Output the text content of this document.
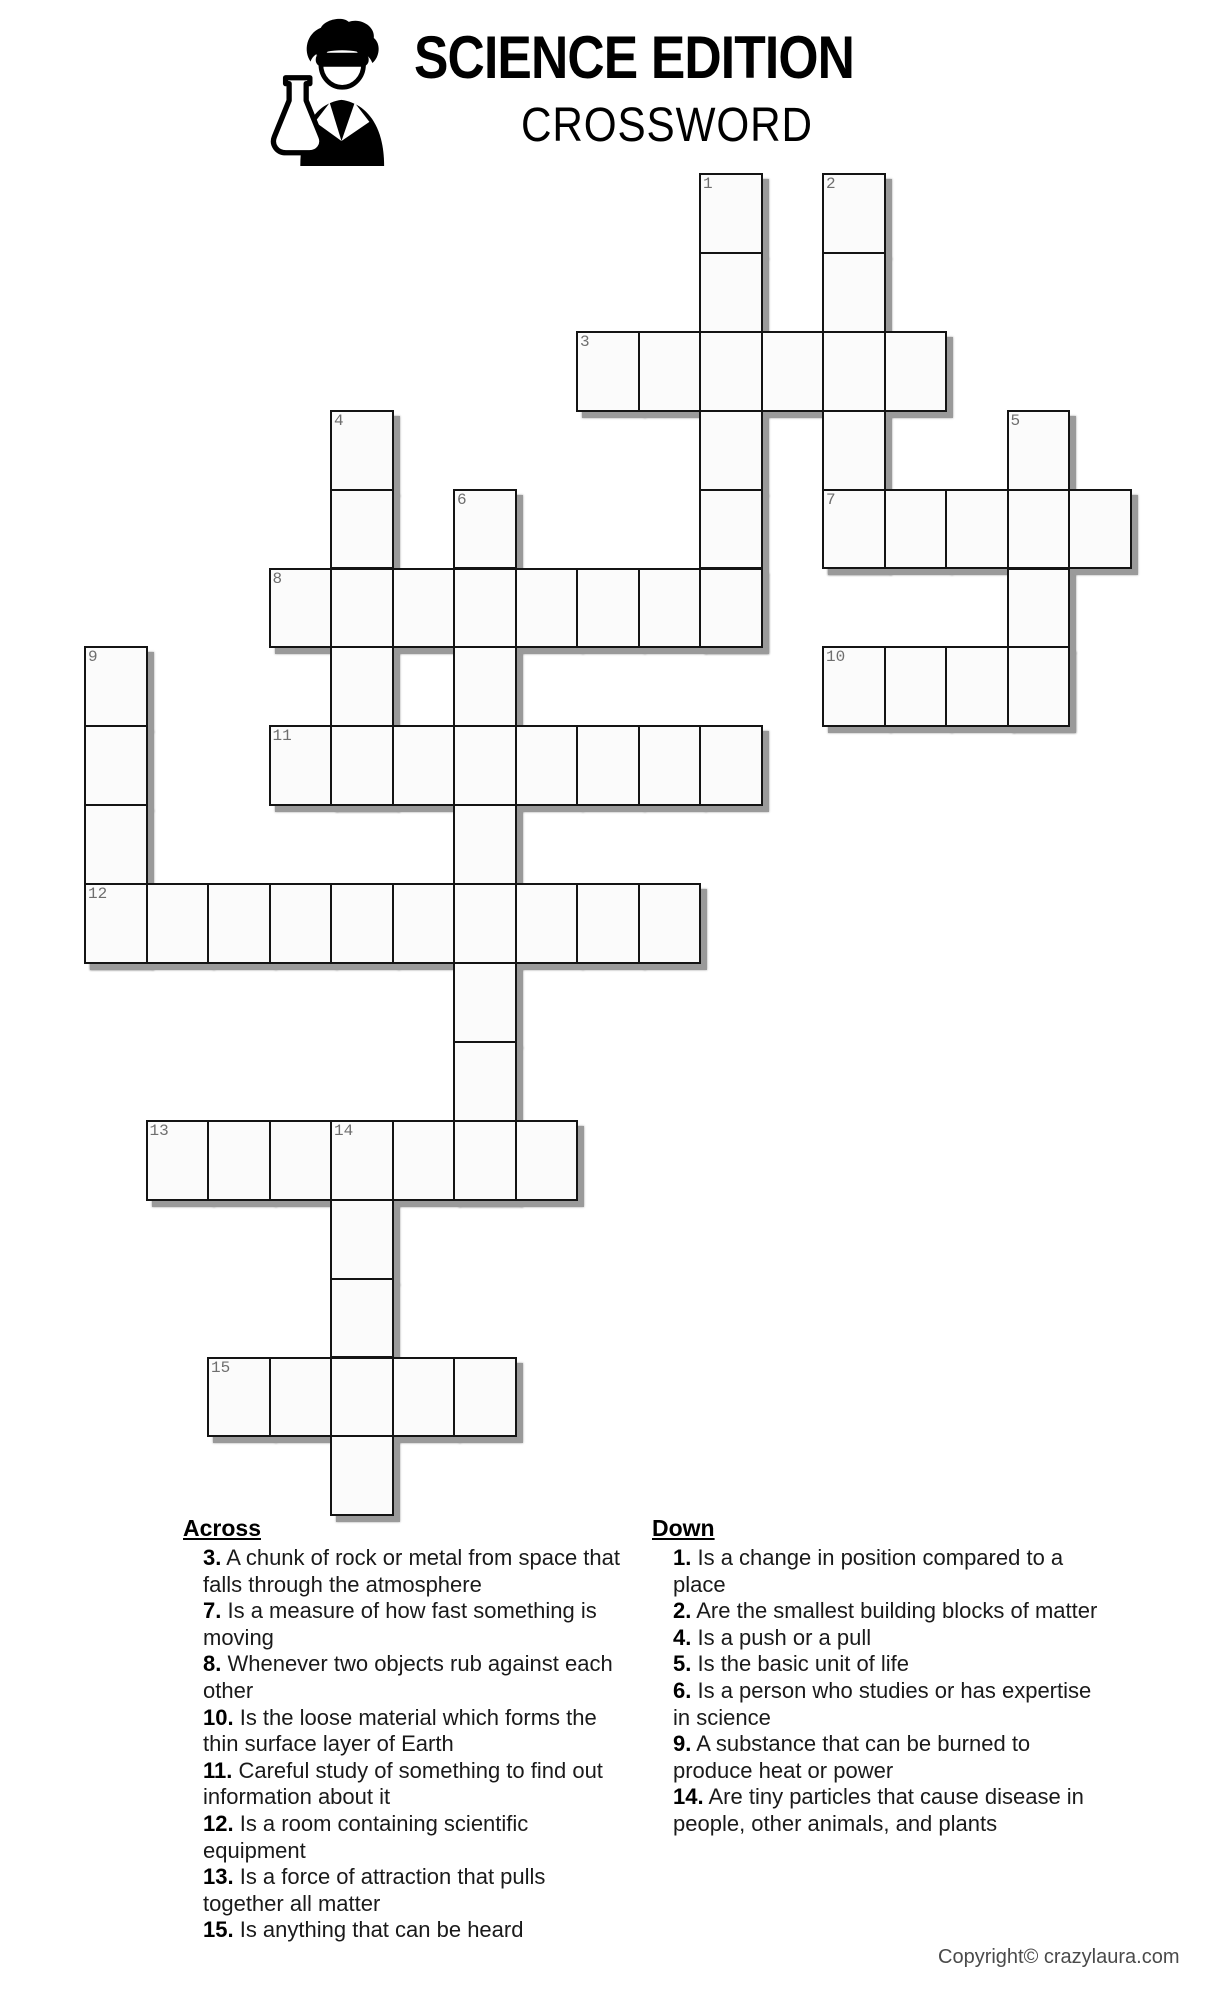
SCIENCE EDITION
CROSSWORD
1	2
3
4	5
6	7
8
9	10
11
12
13	14
15
Across
3. A chunk of rock or metal from space that
falls through the atmosphere
7. Is a measure of how fast something is
moving
8. Whenever two objects rub against each
other
10. Is the loose material which forms the
thin surface layer of Earth
11. Careful study of something to find out
information about it
12. Is a room containing scientific
equipment
13. Is a force of attraction that pulls
together all matter
15. Is anything that can be heard
Down
1. Is a change in position compared to a
place
2. Are the smallest building blocks of matter
4. Is a push or a pull
5. Is the basic unit of life
6. Is a person who studies or has expertise
in science
9. A substance that can be burned to
produce heat or power
14. Are tiny particles that cause disease in
people, other animals, and plants
Copyright© crazylaura.com
